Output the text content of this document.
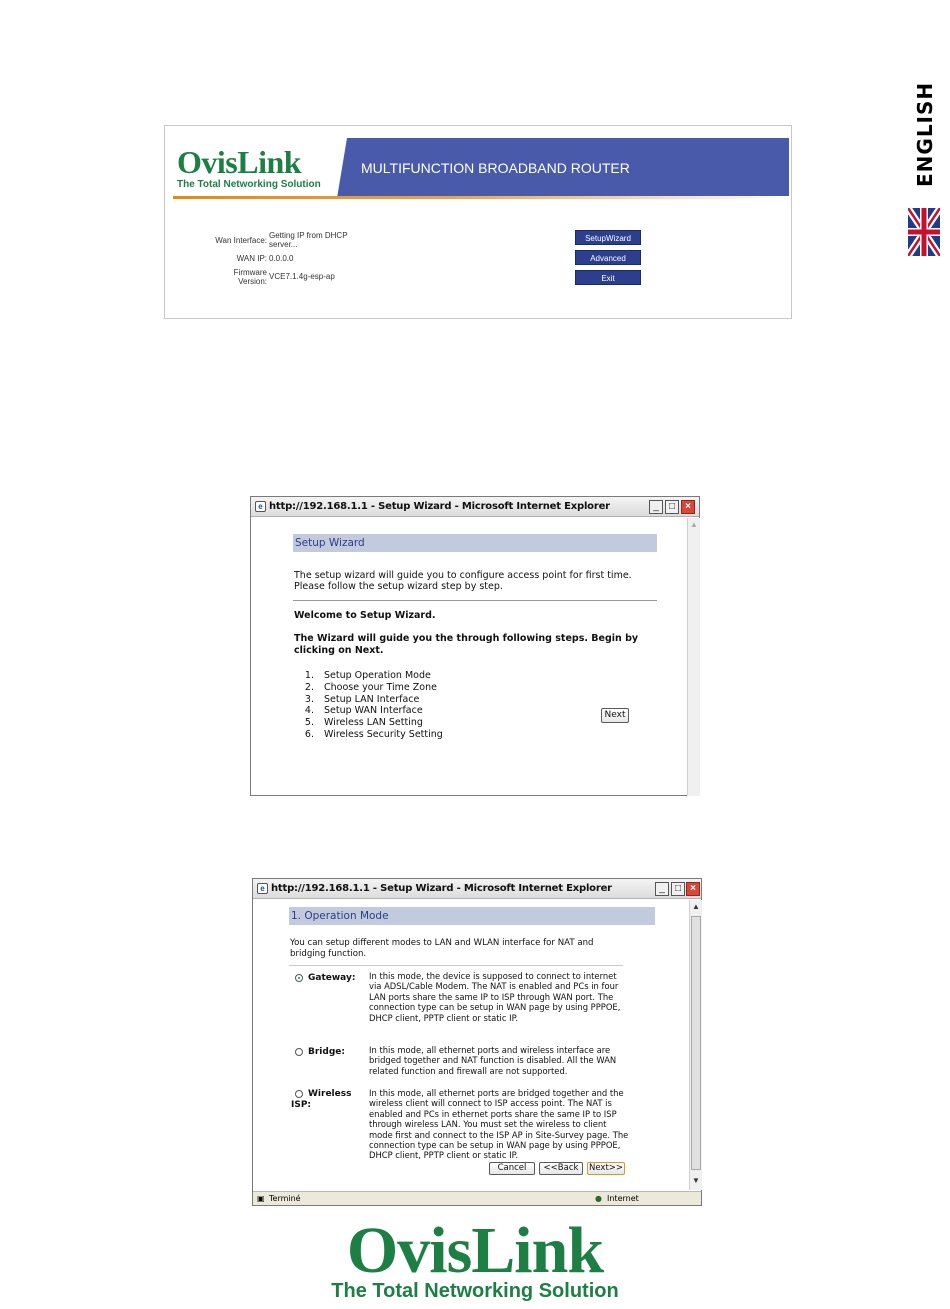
ENGLISH
OvisLink
The Total Networking Solution
MULTIFUNCTION BROADBAND ROUTER
Wan Interface:
Getting IP from DHCP
server...
WAN IP: 0.0.0.0
Firmware
Version:
VCE7.1.4g-esp-ap
SetupWizard
Advanced
Exit
e http://192.168.1.1 - Setup Wizard - Microsoft Internet Explorer	_	□	×
▲
Setup Wizard
The setup wizard will guide you to configure access point for first time.
Please follow the setup wizard step by step.
Welcome to Setup Wizard.
The Wizard will guide you the through following steps. Begin by
clicking on Next.
1. Setup Operation Mode
2. Choose your Time Zone
3. Setup LAN Interface
4. Setup WAN Interface
5. Wireless LAN Setting
6. Wireless Security Setting
Next
e http://192.168.1.1 - Setup Wizard - Microsoft Internet Explorer	_	□ ×
▲
▼
1. Operation Mode
You can setup different modes to LAN and WLAN interface for NAT and
bridging function.
Gateway: In this mode, the device is supposed to connect to internet via ADSL/Cable Modem. The NAT is enabled and PCs in four LAN ports share the same IP to ISP through WAN port. The connection type can be setup in WAN page by using PPPOE, DHCP client, PPTP client or static IP.
Bridge:	In this mode, all ethernet ports and wireless interface are bridged together and NAT function is disabled. All the WAN related function and firewall are not supported.
Wireless
ISP:
In this mode, all ethernet ports are bridged together and the wireless client will connect to ISP access point. The NAT is enabled and PCs in ethernet ports share the same IP to ISP through wireless LAN. You must set the wireless to client mode first and connect to the ISP AP in Site-Survey page. The connection type can be setup in WAN page by using PPPOE, DHCP client, PPTP client or static IP.
Cancel	<<Back	Next>>
▣ Terminé	● Internet
OvisLink
The Total Networking Solution
